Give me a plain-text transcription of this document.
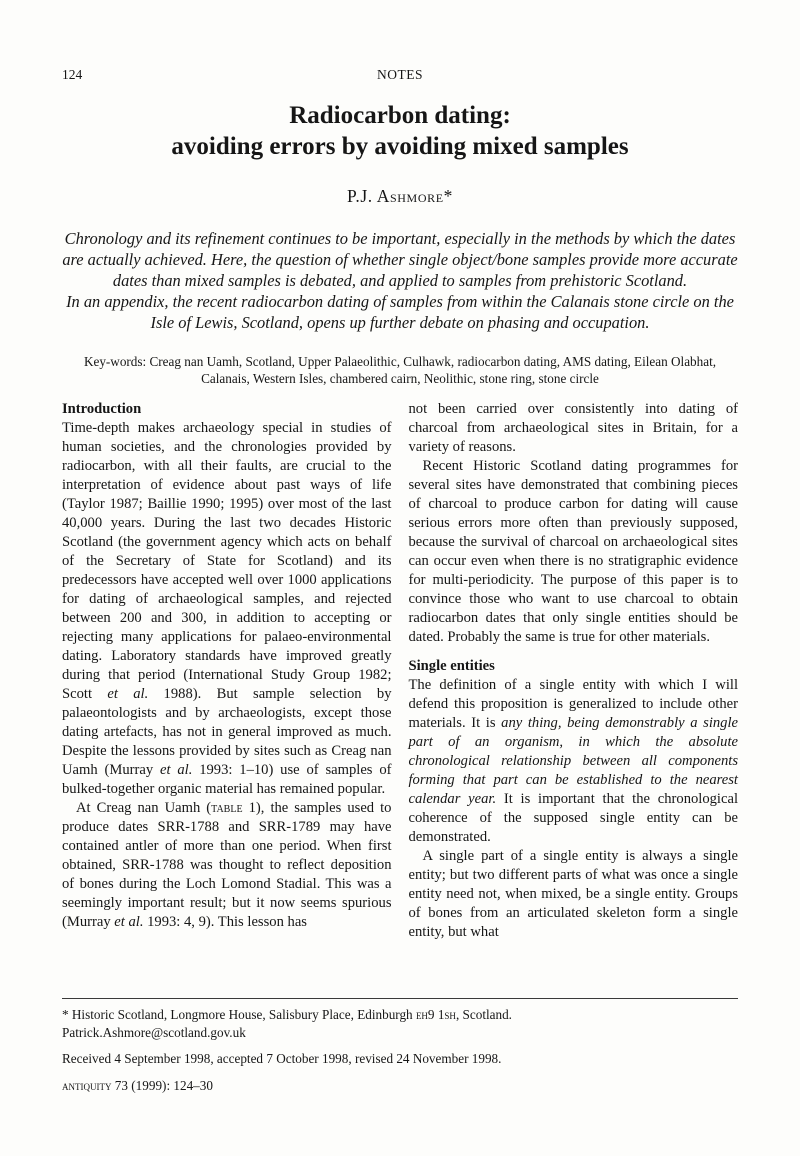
124	NOTES
Radiocarbon dating:
avoiding errors by avoiding mixed samples
P.J. Ashmore*

Chronology and its refinement continues to be important, especially in the methods by which the dates are actually achieved. Here, the question of whether single object/bone samples provide more accurate dates than mixed samples is debated, and applied to samples from prehistoric Scotland.

In an appendix, the recent radiocarbon dating of samples from within the Calanais stone circle on the Isle of Lewis, Scotland, opens up further debate on phasing and occupation.

Key-words: Creag nan Uamh, Scotland, Upper Palaeolithic, Culhawk, radiocarbon dating, AMS dating, Eilean Olabhat, Calanais, Western Isles, chambered cairn, Neolithic, stone ring, stone circle

Introduction

Time-depth makes archaeology special in studies of human societies, and the chronologies provided by radiocarbon, with all their faults, are crucial to the interpretation of evidence about past ways of life (Taylor 1987; Baillie 1990; 1995) over most of the last 40,000 years. During the last two decades Historic Scotland (the government agency which acts on behalf of the Secretary of State for Scotland) and its predecessors have accepted well over 1000 applications for dating of archaeological samples, and rejected between 200 and 300, in addition to accepting or rejecting many applications for palaeo-environmental dating. Laboratory standards have improved greatly during that period (International Study Group 1982; Scott et al. 1988). But sample selection by palaeontologists and by archaeologists, except those dating artefacts, has not in general improved as much. Despite the lessons provided by sites such as Creag nan Uamh (Murray et al. 1993: 1–10) use of samples of bulked-together organic material has remained popular.

At Creag nan Uamh (table 1), the samples used to produce dates SRR-1788 and SRR-1789 may have contained antler of more than one period. When first obtained, SRR-1788 was thought to reflect deposition of bones during the Loch Lomond Stadial. This was a seemingly important result; but it now seems spurious (Murray et al. 1993: 4, 9). This lesson has

not been carried over consistently into dating of charcoal from archaeological sites in Britain, for a variety of reasons.

Recent Historic Scotland dating programmes for several sites have demonstrated that combining pieces of charcoal to produce carbon for dating will cause serious errors more often than previously supposed, because the survival of charcoal on archaeological sites can occur even when there is no stratigraphic evidence for multi-periodicity. The purpose of this paper is to convince those who want to use charcoal to obtain radiocarbon dates that only single entities should be dated. Probably the same is true for other materials.

Single entities

The definition of a single entity with which I will defend this proposition is generalized to include other materials. It is any thing, being demonstrably a single part of an organism, in which the absolute chronological relationship between all components forming that part can be established to the nearest calendar year. It is important that the chronological coherence of the supposed single entity can be demonstrated.

A single part of a single entity is always a single entity; but two different parts of what was once a single entity need not, when mixed, be a single entity. Groups of bones from an articulated skeleton form a single entity, but what

* Historic Scotland, Longmore House, Salisbury Place, Edinburgh eh9 1sh, Scotland.

Patrick.Ashmore@scotland.gov.uk

Received 4 September 1998, accepted 7 October 1998, revised 24 November 1998.

antiquity 73 (1999): 124–30
